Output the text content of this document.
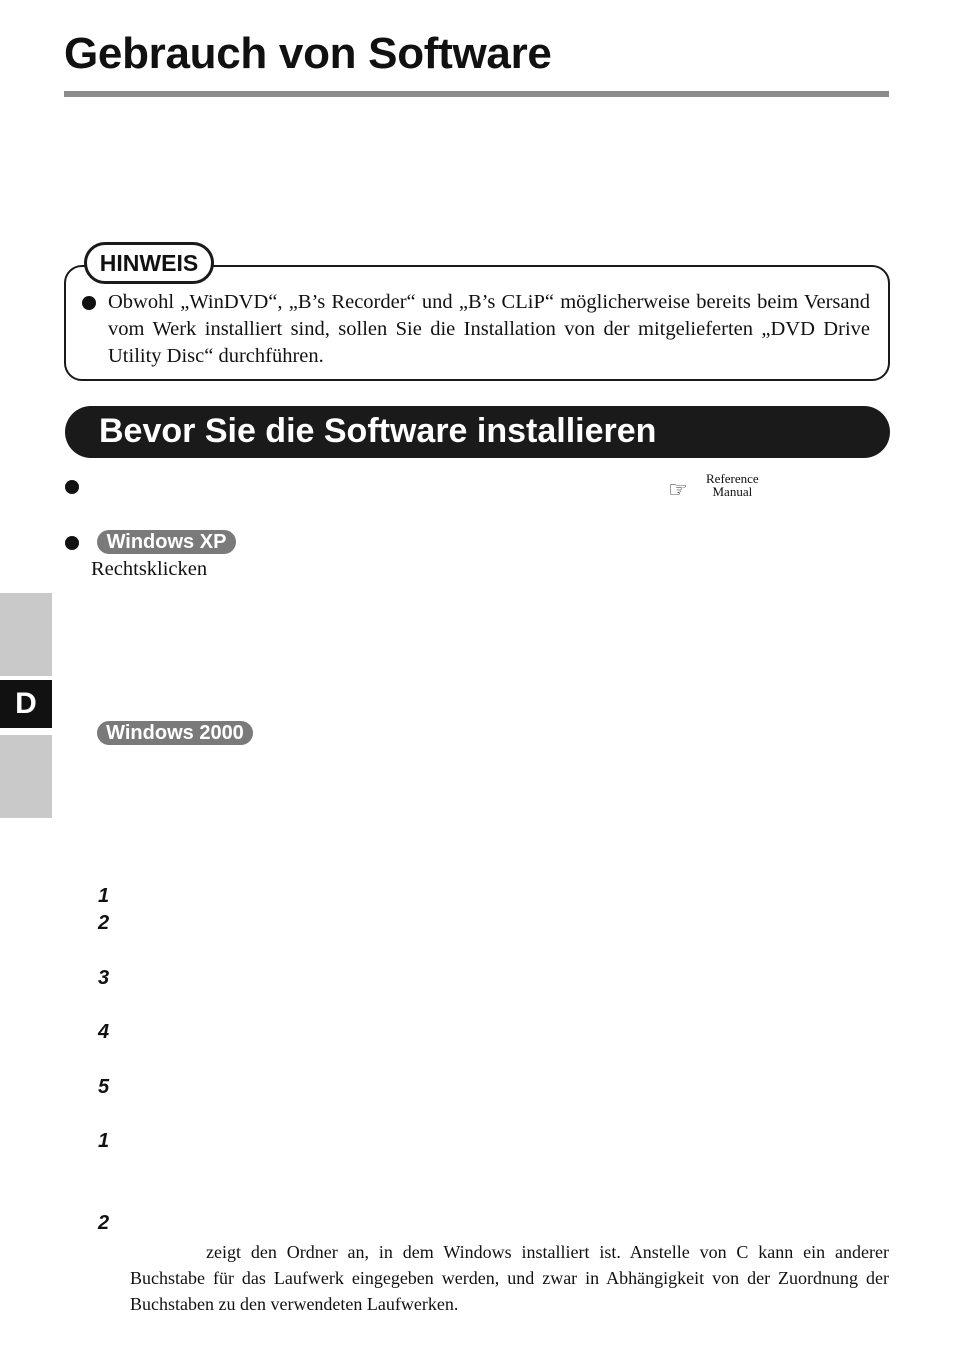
Gebrauch von Software
HINWEIS
Obwohl „WinDVD“, „B’s Recorder“ und „B’s CLiP“ möglicherweise bereits beim Versand vom Werk installiert sind, sollen Sie die Installation von der mitgelieferten „DVD Drive Utility Disc“ durchführen.
Bevor Sie die Software installieren
☞ Reference
Manual
Windows XP
Rechtsklicken
D
Windows 2000
1
2
3
4
5
1
2
zeigt den Ordner an, in dem Windows installiert ist. Anstelle von C kann ein anderer Buchstabe für das Laufwerk eingegeben werden, und zwar in Abhängigkeit von der Zuordnung der Buchstaben zu den verwendeten Laufwerken.
